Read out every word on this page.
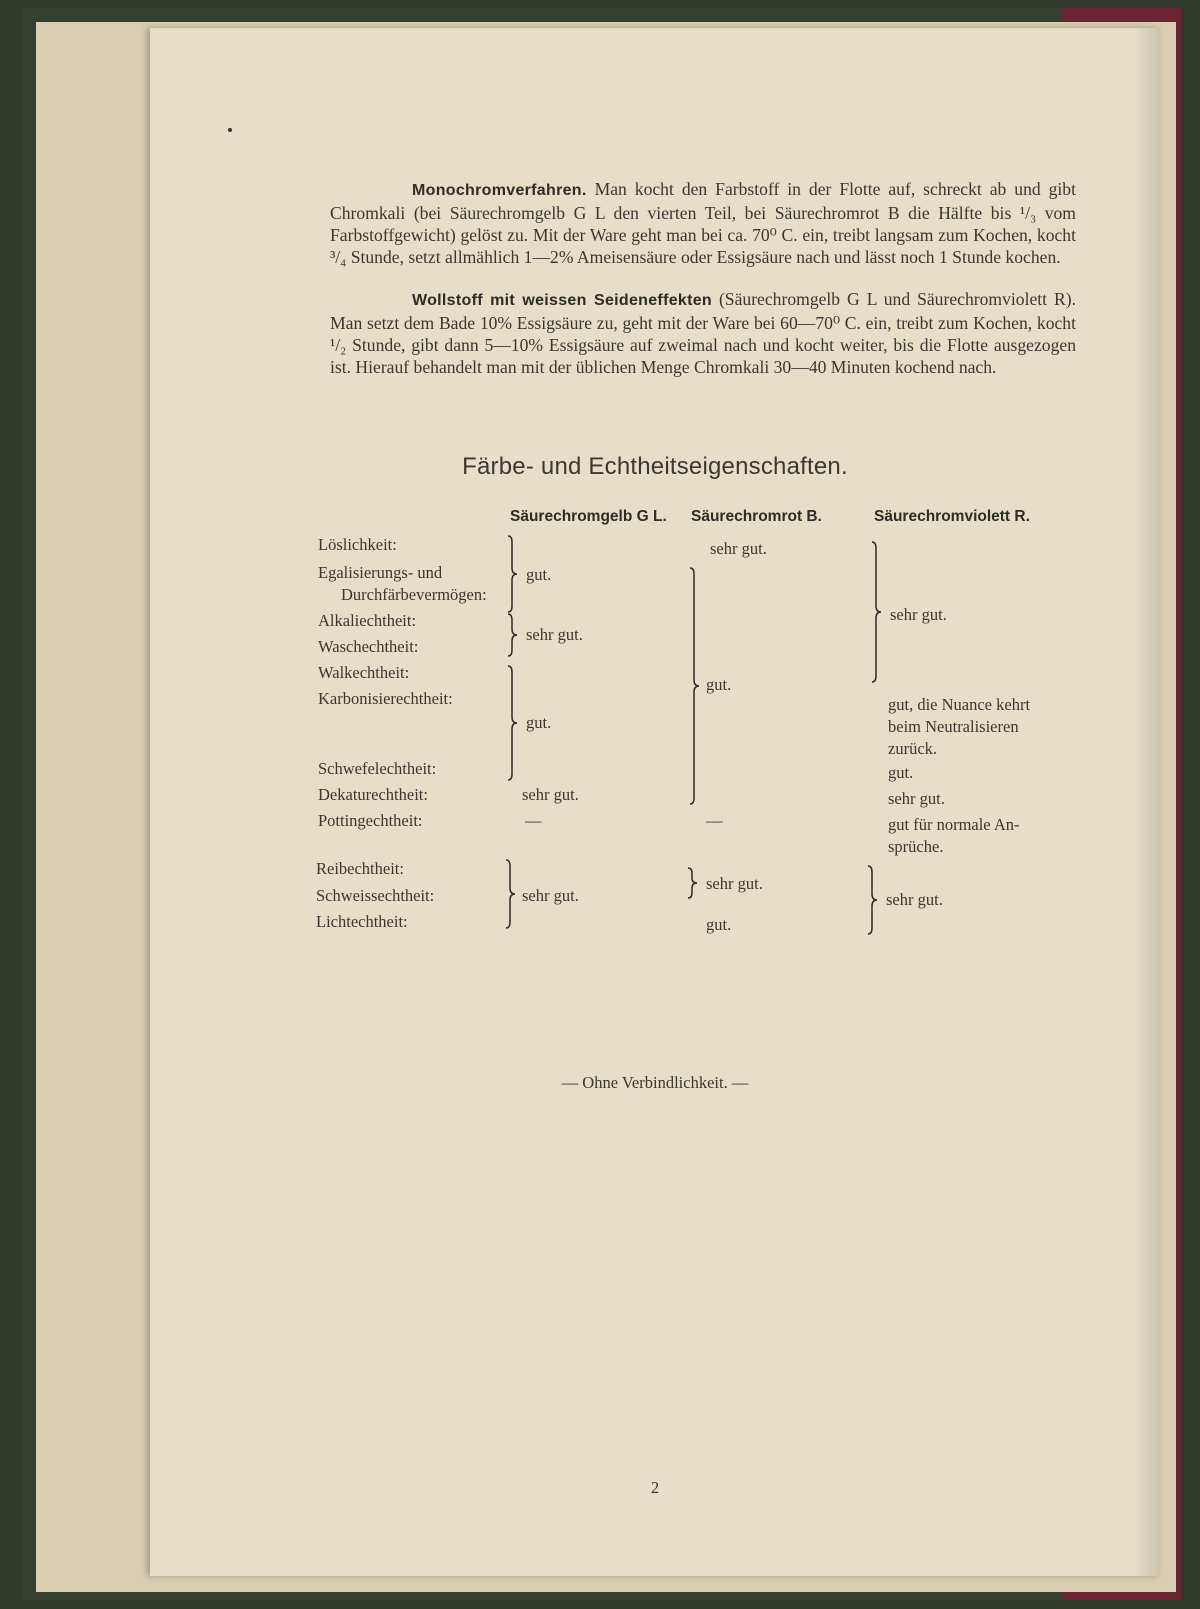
Monochromverfahren. Man kocht den Farbstoff in der Flotte auf, schreckt ab und gibt Chromkali (bei Säurechromgelb G L den vierten Teil, bei Säurechromrot B die Hälfte bis ¹/₃ vom Farbstoffgewicht) gelöst zu. Mit der Ware geht man bei ca. 70⁰ C. ein, treibt langsam zum Kochen, kocht ³/₄ Stunde, setzt allmählich 1—2% Ameisensäure oder Essigsäure nach und lässt noch 1 Stunde kochen.
Wollstoff mit weissen Seideneffekten (Säurechromgelb G L und Säurechromviolett R). Man setzt dem Bade 10% Essigsäure zu, geht mit der Ware bei 60—70⁰ C. ein, treibt zum Kochen, kocht ¹/₂ Stunde, gibt dann 5—10% Essigsäure auf zweimal nach und kocht weiter, bis die Flotte ausgezogen ist. Hierauf behandelt man mit der üblichen Menge Chromkali 30—40 Minuten kochend nach.
Färbe- und Echtheitseigenschaften.
Säurechromgelb G L. Säurechromrot B.	Säurechromviolett R.
Löslichkeit:
Egalisierungs- und
Durchfärbevermögen:
Alkaliechtheit:
Waschechtheit:
Walkechtheit:
Karbonisierechtheit:
Schwefelechtheit:
Dekaturechtheit:
Pottingechtheit:
Reibechtheit:
Schweissechtheit:
Lichtechtheit:
gut.
sehr gut.
gut.
sehr gut.
—
sehr gut.
sehr gut.
gut.
—
sehr gut.
gut.
sehr gut.
gut, die Nuance kehrt
beim Neutralisieren
zurück.
gut.
sehr gut.
gut für normale An-
sprüche.
sehr gut.
— Ohne Verbindlichkeit. —
2
